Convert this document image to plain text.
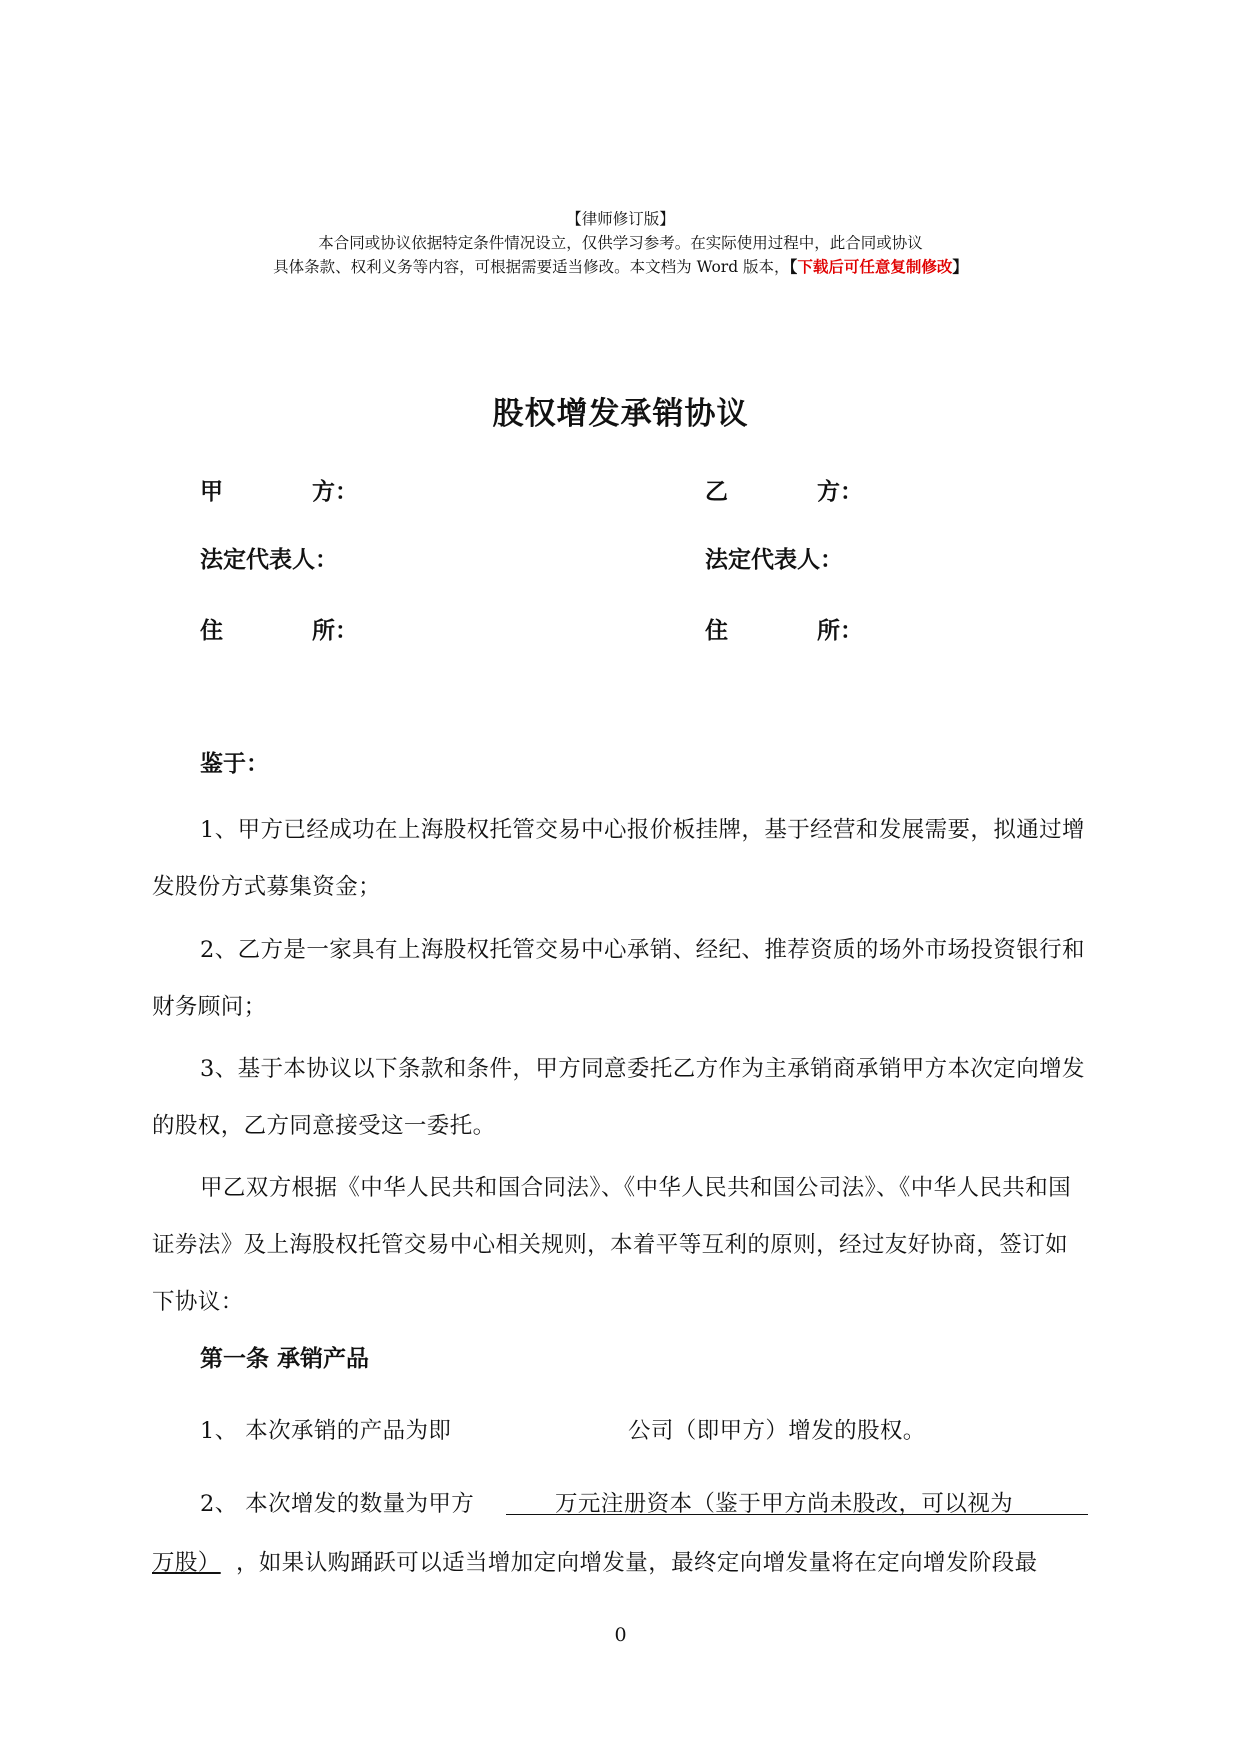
【律师修订版】
本合同或协议依据特定条件情况设立，仅供学习参考。在实际使用过程中，此合同或协议
具体条款、权利义务等内容，可根据需要适当修改。本文档为 Word 版本，【下载后可任意复制修改】
股权增发承销协议
甲	方：	乙	方：
法定代表人：	法定代表人：
住	所：	住	所：
鉴于：
1、甲方已经成功在上海股权托管交易中心报价板挂牌，基于经营和发展需要，拟通过增发股份方式募集资金；
2、乙方是一家具有上海股权托管交易中心承销、经纪、推荐资质的场外市场投资银行和财务顾问；
3、基于本协议以下条款和条件，甲方同意委托乙方作为主承销商承销甲方本次定向增发的股权，乙方同意接受这一委托。
甲乙双方根据《中华人民共和国合同法》、《中华人民共和国公司法》、《中华人民共和国证券法》及上海股权托管交易中心相关规则，本着平等互利的原则，经过友好协商，签订如下协议：
第一条 承销产品
1、 本次承销的产品为即	公司（即甲方）增发的股权。
2、 本次增发的数量为甲方	万元注册资本（鉴于甲方尚未股改，可以视为
万股） ，如果认购踊跃可以适当增加定向增发量，最终定向增发量将在定向增发阶段最
0
